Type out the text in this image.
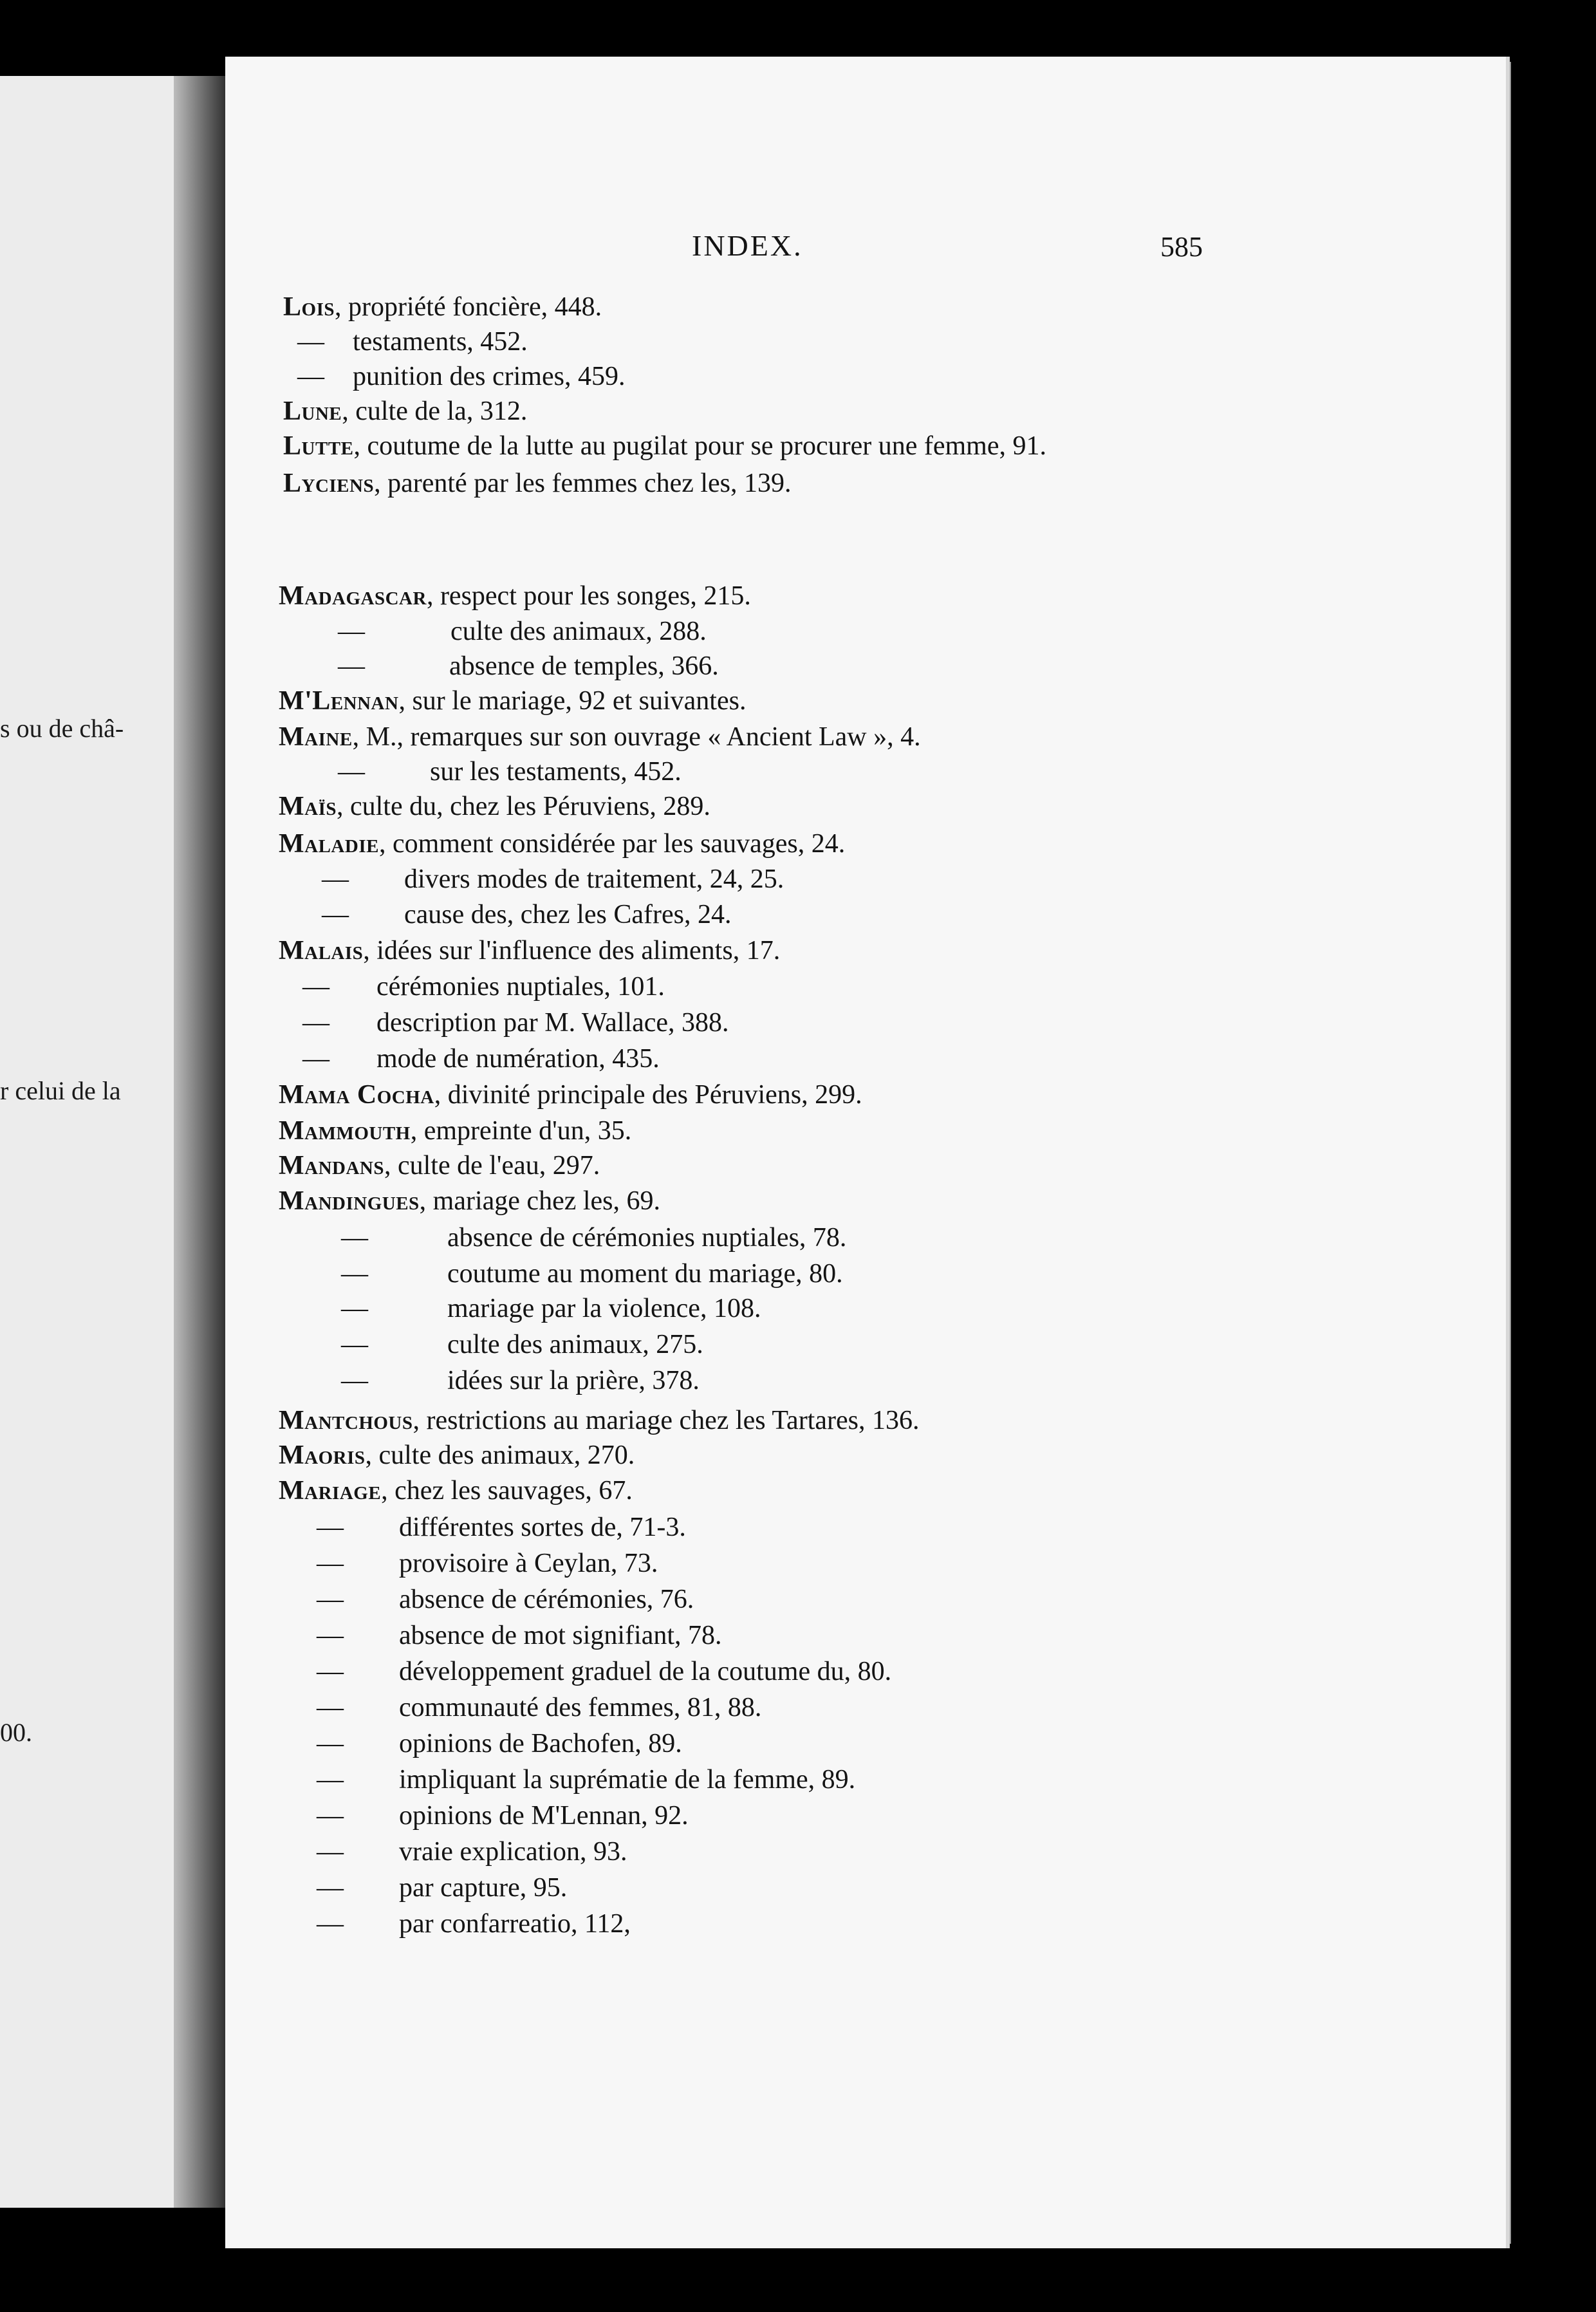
s ou de châ-
r celui de la
00.
INDEX.	585
Lois, propriété foncière, 448.
— testaments, 452.
— punition des crimes, 459.
Lune, culte de la, 312.
Lutte, coutume de la lutte au pugilat pour se procurer une femme, 91.
Lyciens, parenté par les femmes chez les, 139.
Madagascar, respect pour les songes, 215.
—	culte des animaux, 288.
—	absence de temples, 366.
M'Lennan, sur le mariage, 92 et suivantes.
Maine, M., remarques sur son ouvrage « Ancient Law », 4.
— sur les testaments, 452.
Maïs, culte du, chez les Péruviens, 289.
Maladie, comment considérée par les sauvages, 24.
— divers modes de traitement, 24, 25.
— cause des, chez les Cafres, 24.
Malais, idées sur l'influence des aliments, 17.
— cérémonies nuptiales, 101.
— description par M. Wallace, 388.
— mode de numération, 435.
Mama Cocha, divinité principale des Péruviens, 299.
Mammouth, empreinte d'un, 35.
Mandans, culte de l'eau, 297.
Mandingues, mariage chez les, 69.
—	absence de cérémonies nuptiales, 78.
—	coutume au moment du mariage, 80.
—	mariage par la violence, 108.
—	culte des animaux, 275.
—	idées sur la prière, 378.
Mantchous, restrictions au mariage chez les Tartares, 136.
Maoris, culte des animaux, 270.
Mariage, chez les sauvages, 67.
— différentes sortes de, 71-3.
— provisoire à Ceylan, 73.
— absence de cérémonies, 76.
— absence de mot signifiant, 78.
— développement graduel de la coutume du, 80.
— communauté des femmes, 81, 88.
— opinions de Bachofen, 89.
— impliquant la suprématie de la femme, 89.
— opinions de M'Lennan, 92.
— vraie explication, 93.
— par capture, 95.
— par confarreatio, 112,
